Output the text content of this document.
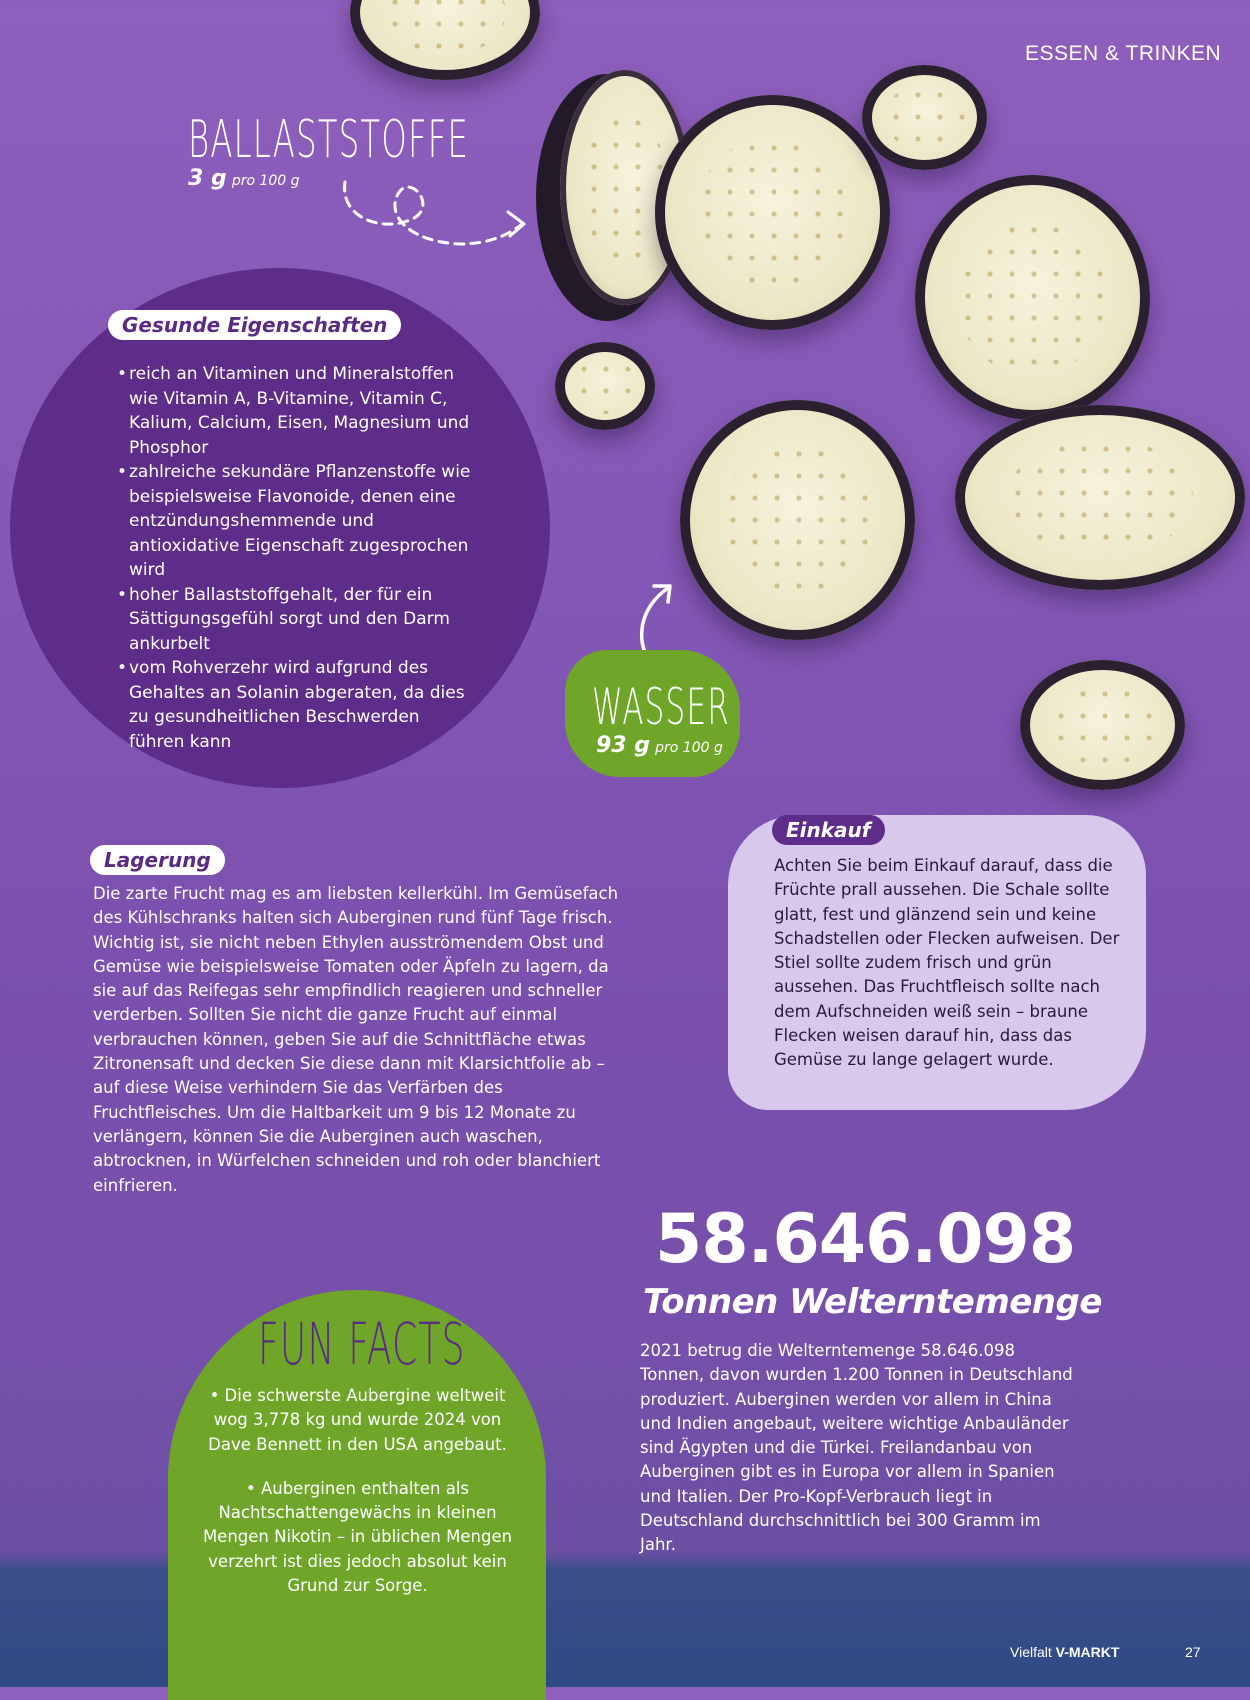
ESSEN & TRINKEN
BALLASTSTOFFE
3 g pro 100 g
Gesunde Eigenschaften
• reich an Vitaminen und Mineralstoffen wie Vitamin A, B-Vitamine, Vitamin C, Kalium, Calcium, Eisen, Magnesium und Phosphor
• zahlreiche sekundäre Pflanzenstoffe wie beispielsweise Flavonoide, denen eine entzündungshemmende und antioxidative Eigenschaft zugesprochen wird
• hoher Ballaststoffgehalt, der für ein Sättigungsgefühl sorgt und den Darm ankurbelt
• vom Rohverzehr wird aufgrund des Gehaltes an Solanin abgeraten, da dies zu gesundheitlichen Beschwerden führen kann
WASSER
93 g pro 100 g
Lagerung

Die zarte Frucht mag es am liebsten kellerkühl. Im Gemüsefach des Kühlschranks halten sich Auberginen rund fünf Tage frisch. Wichtig ist, sie nicht neben Ethylen ausströmendem Obst und Gemüse wie beispielsweise Tomaten oder Äpfeln zu lagern, da sie auf das Reifegas sehr empfindlich reagieren und schneller verderben. Sollten Sie nicht die ganze Frucht auf einmal verbrauchen können, geben Sie auf die Schnittfläche etwas Zitronensaft und decken Sie diese dann mit Klarsichtfolie ab – auf diese Weise verhindern Sie das Verfärben des Fruchtfleisches. Um die Haltbarkeit um 9 bis 12 Monate zu verlängern, können Sie die Auberginen auch waschen, abtrocknen, in Würfelchen schneiden und roh oder blanchiert einfrieren.

Einkauf

Achten Sie beim Einkauf darauf, dass die Früchte prall aussehen. Die Schale sollte glatt, fest und glänzend sein und keine Schadstellen oder Flecken aufweisen. Der Stiel sollte zudem frisch und grün aussehen. Das Fruchtfleisch sollte nach dem Aufschneiden weiß sein – braune Flecken weisen darauf hin, dass das Gemüse zu lange gelagert wurde.

58.646.098
Tonnen Welterntemenge

2021 betrug die Welterntemenge 58.646.098 Tonnen, davon wurden 1.200 Tonnen in Deutschland produziert. Auberginen werden vor allem in China und Indien angebaut, weitere wichtige Anbauländer sind Ägypten und die Türkei. Freilandanbau von Auberginen gibt es in Europa vor allem in Spanien und Italien. Der Pro-Kopf-Verbrauch liegt in Deutschland durchschnittlich bei 300 Gramm im Jahr.

FUN FACTS

• Die schwerste Aubergine weltweit wog 3,778 kg und wurde 2024 von Dave Bennett in den USA angebaut.

• Auberginen enthalten als Nachtschattengewächs in kleinen Mengen Nikotin – in üblichen Mengen verzehrt ist dies jedoch absolut kein Grund zur Sorge.

Vielfalt V-MARKT	27
